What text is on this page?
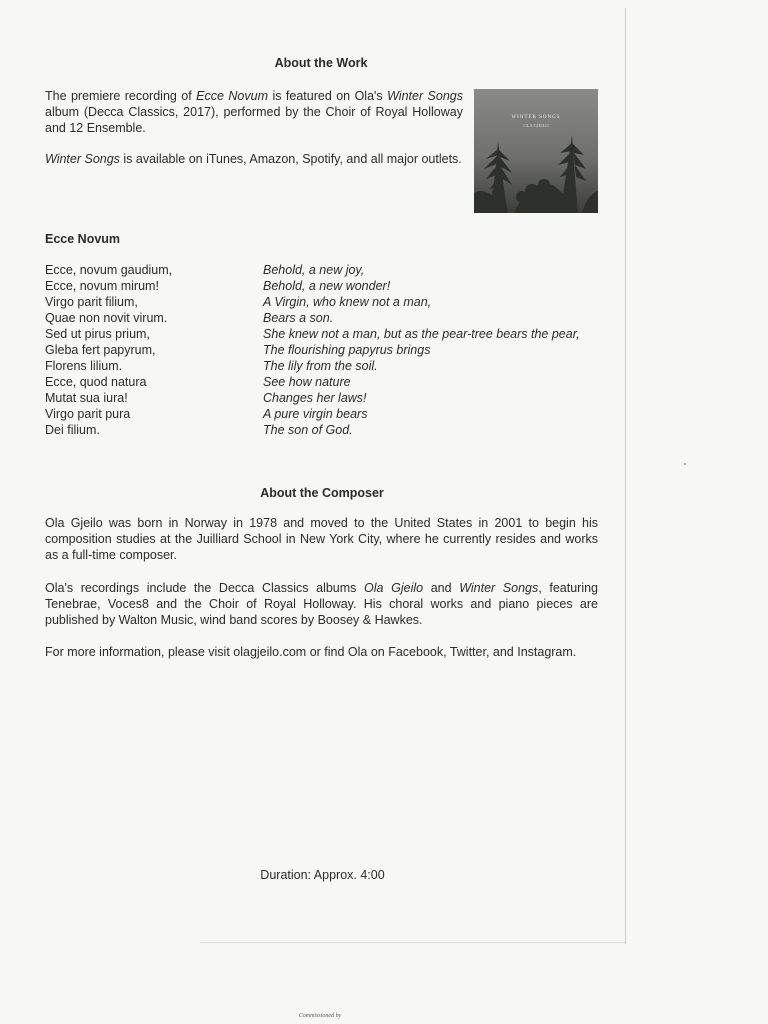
About the Work
The premiere recording of Ecce Novum is featured on Ola's Winter Songs album (Decca Classics, 2017), performed by the Choir of Royal Holloway and 12 Ensemble.
Winter Songs is available on iTunes, Amazon, Spotify, and all major outlets.
WINTER SONGS
OLA GJEILO
Ecce Novum
Ecce, novum gaudium,
Ecce, novum mirum!
Virgo parit filium,
Quae non novit virum.
Sed ut pirus prium,
Gleba fert papyrum,
Florens lilium.
Ecce, quod natura
Mutat sua iura!
Virgo parit pura
Dei filium.
Behold, a new joy,
Behold, a new wonder!
A Virgin, who knew not a man,
Bears a son.
She knew not a man, but as the pear-tree bears the pear,
The flourishing papyrus brings
The lily from the soil.
See how nature
Changes her laws!
A pure virgin bears
The son of God.
About the Composer
Ola Gjeilo was born in Norway in 1978 and moved to the United States in 2001 to begin his composition studies at the Juilliard School in New York City, where he currently resides and works as a full-time composer.
Ola's recordings include the Decca Classics albums Ola Gjeilo and Winter Songs, featuring Tenebrae, Voces8 and the Choir of Royal Holloway. His choral works and piano pieces are published by Walton Music, wind band scores by Boosey & Hawkes.
For more information, please visit olagjeilo.com or find Ola on Facebook, Twitter, and Instagram.
Duration: Approx. 4:00
Commissioned by
